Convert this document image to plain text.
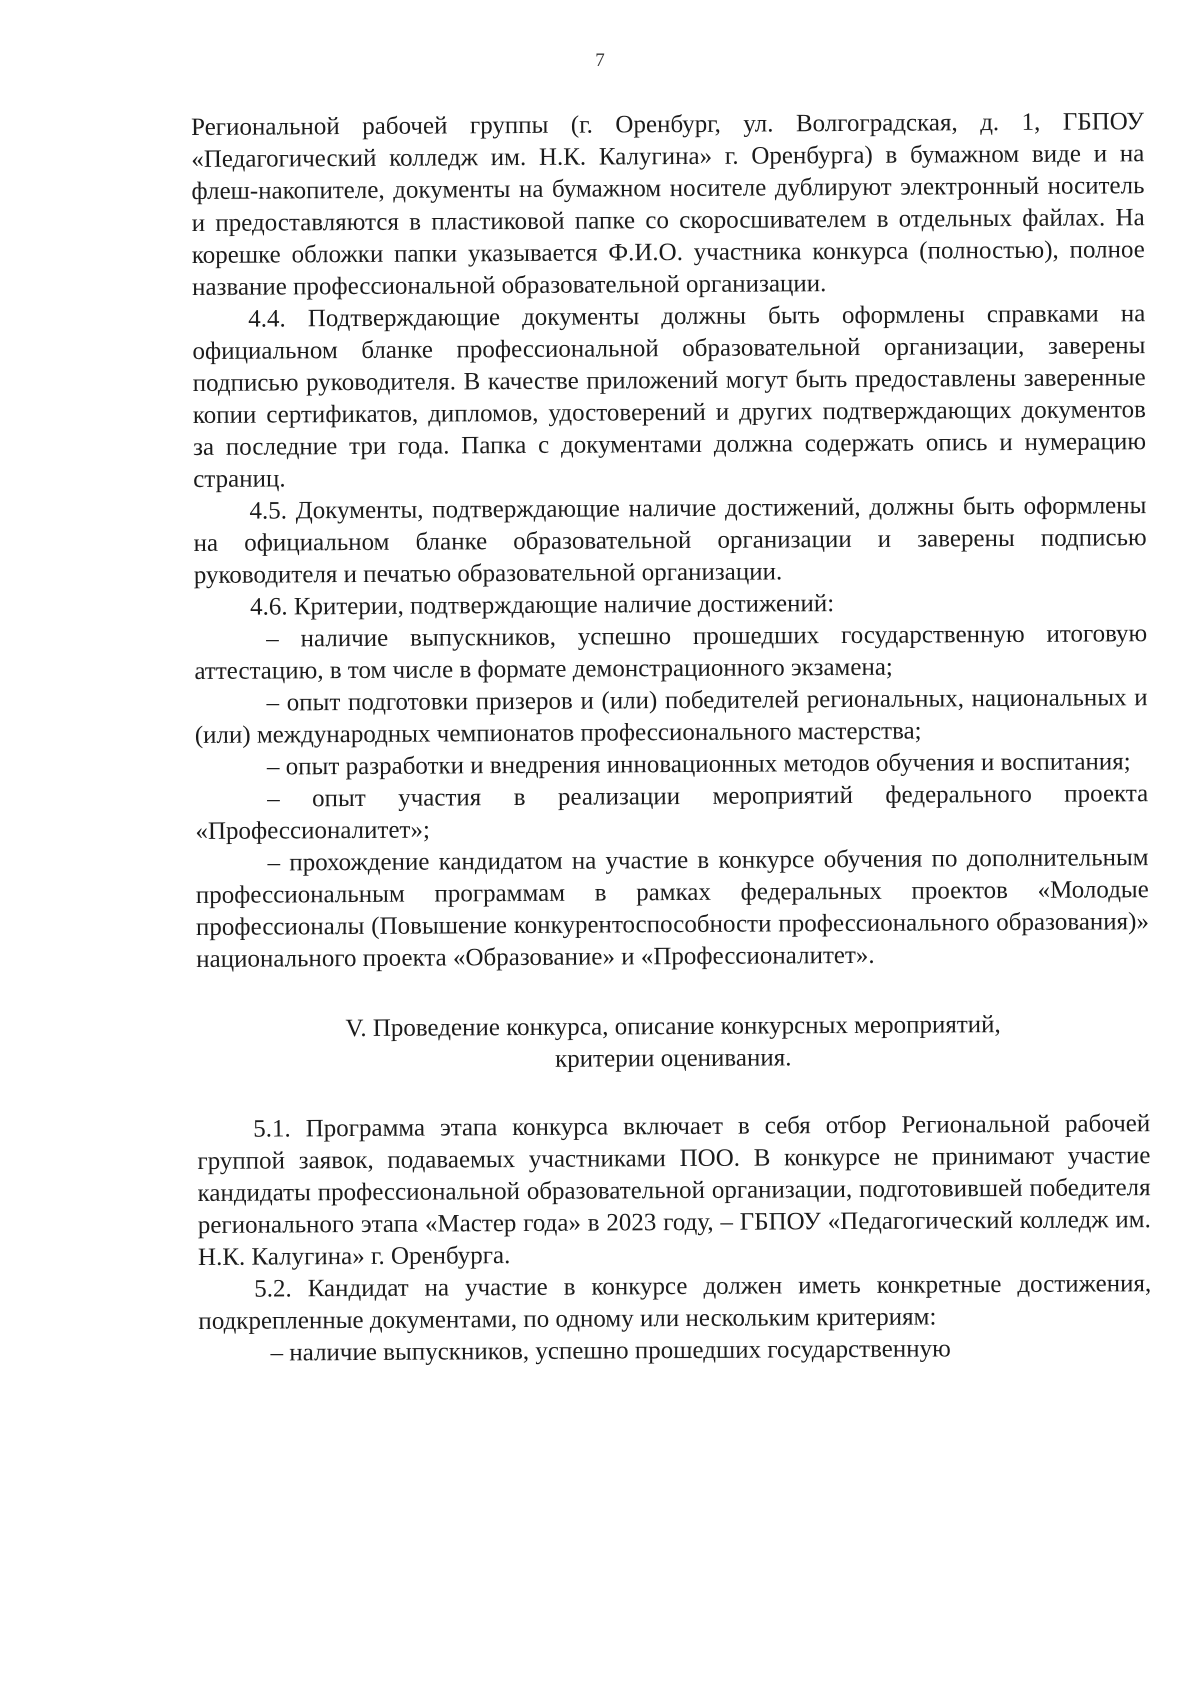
7

Региональной рабочей группы (г. Оренбург, ул. Волгоградская, д. 1, ГБПОУ «Педагогический колледж им. Н.К. Калугина» г. Оренбурга) в бумажном виде и на флеш-накопителе, документы на бумажном носителе дублируют электронный носитель и предоставляются в пластиковой папке со скоросшивателем в отдельных файлах. На корешке обложки папки указывается Ф.И.О. участника конкурса (полностью), полное название профессиональной образовательной организации.

4.4. Подтверждающие документы должны быть оформлены справками на официальном бланке профессиональной образовательной организации, заверены подписью руководителя. В качестве приложений могут быть предоставлены заверенные копии сертификатов, дипломов, удостоверений и других подтверждающих документов за последние три года. Папка с документами должна содержать опись и нумерацию страниц.

4.5. Документы, подтверждающие наличие достижений, должны быть оформлены на официальном бланке образовательной организации и заверены подписью руководителя и печатью образовательной организации.

4.6. Критерии, подтверждающие наличие достижений:

– наличие выпускников, успешно прошедших государственную итоговую аттестацию, в том числе в формате демонстрационного экзамена;

– опыт подготовки призеров и (или) победителей региональных, национальных и (или) международных чемпионатов профессионального мастерства;

– опыт разработки и внедрения инновационных методов обучения и воспитания;

– опыт участия в реализации мероприятий федерального проекта «Профессионалитет»;

– прохождение кандидатом на участие в конкурсе обучения по дополнительным профессиональным программам в рамках федеральных проектов «Молодые профессионалы (Повышение конкурентоспособности профессионального образования)» национального проекта «Образование» и «Профессионалитет».

V. Проведение конкурса, описание конкурсных мероприятий,
критерии оценивания.

5.1. Программа этапа конкурса включает в себя отбор Региональной рабочей группой заявок, подаваемых участниками ПОО. В конкурсе не принимают участие кандидаты профессиональной образовательной организации, подготовившей победителя регионального этапа «Мастер года» в 2023 году, – ГБПОУ «Педагогический колледж им. Н.К. Калугина» г. Оренбурга.

5.2. Кандидат на участие в конкурсе должен иметь конкретные достижения, подкрепленные документами, по одному или нескольким критериям:

– наличие выпускников, успешно прошедших государственную
